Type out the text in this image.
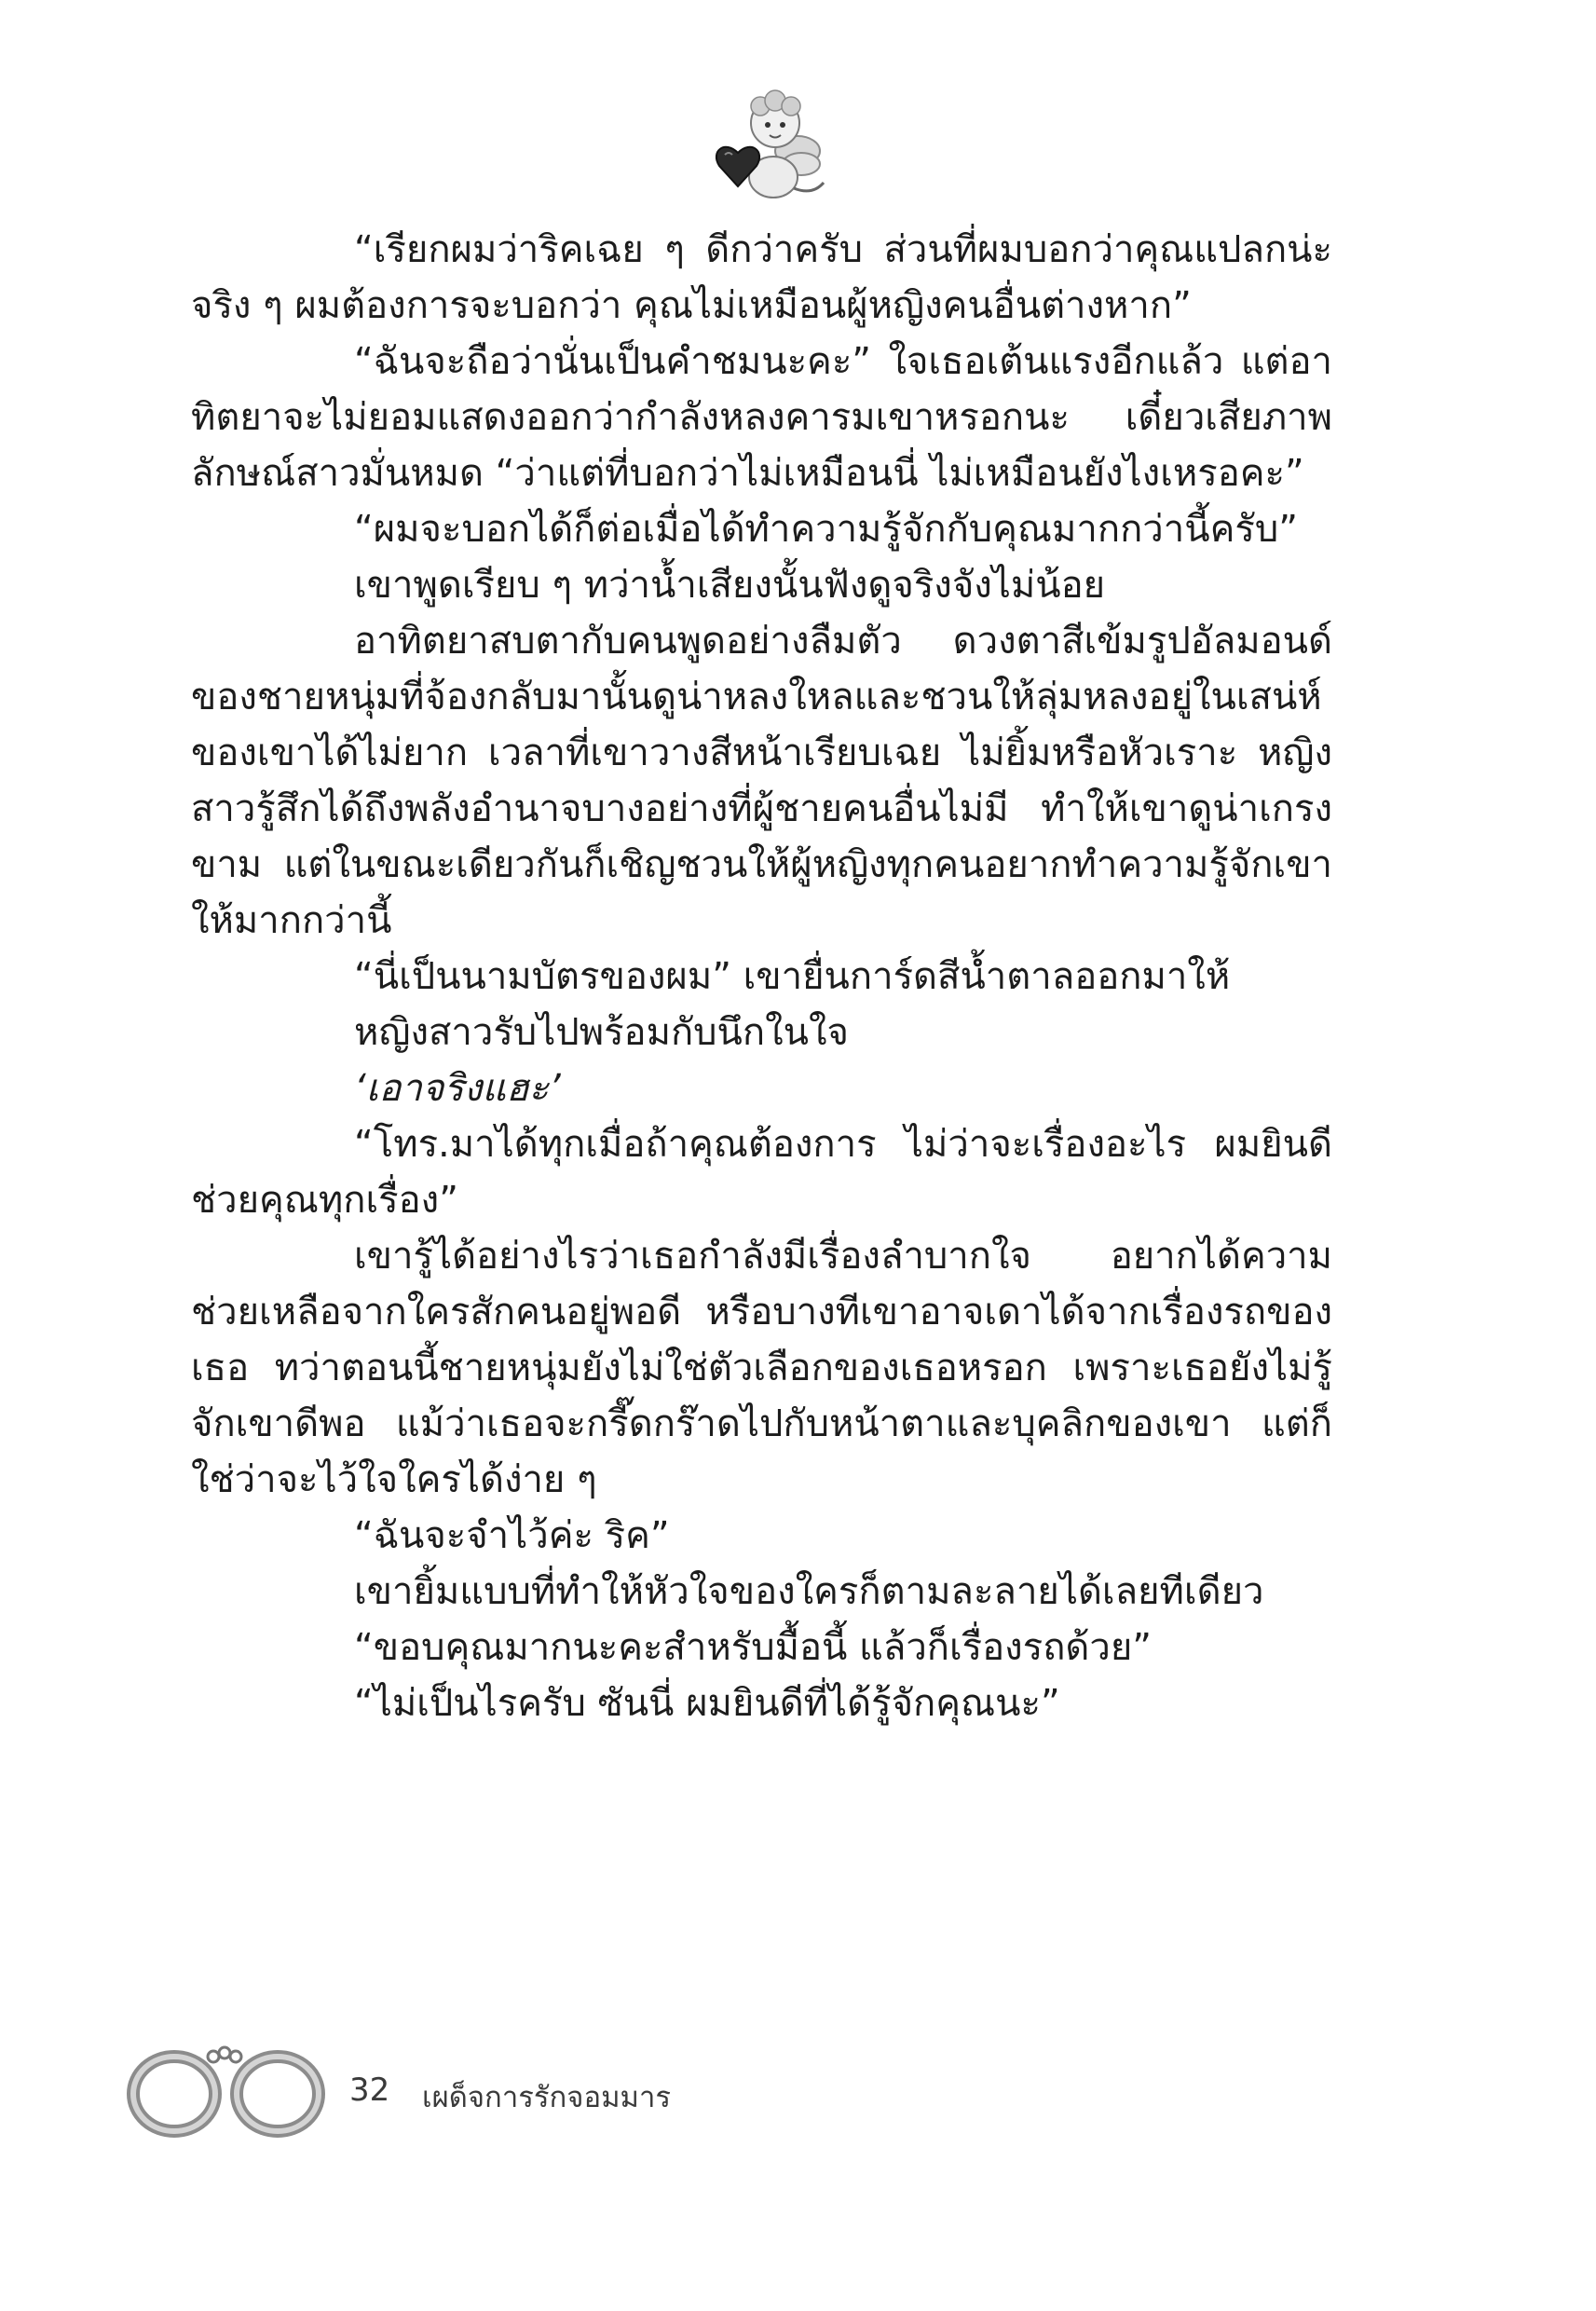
“เรียกผมว่าริคเฉย ๆ ดีกว่าครับ ส่วนที่ผมบอกว่าคุณแปลกน่ะ จริง ๆ ผมต้องการจะบอกว่า คุณไม่เหมือนผู้หญิงคนอื่นต่างหาก”

“ฉันจะถือว่านั่นเป็นคำชมนะคะ” ใจเธอเต้นแรงอีกแล้ว แต่อาทิตยาจะไม่ยอมแสดงออกว่ากำลังหลงคารมเขาหรอกนะ เดี๋ยวเสียภาพลักษณ์สาวมั่นหมด “ว่าแต่ที่บอกว่าไม่เหมือนนี่ ไม่เหมือนยังไงเหรอคะ”

“ผมจะบอกได้ก็ต่อเมื่อได้ทำความรู้จักกับคุณมากกว่านี้ครับ”

เขาพูดเรียบ ๆ ทว่าน้ำเสียงนั้นฟังดูจริงจังไม่น้อย

อาทิตยาสบตากับคนพูดอย่างลืมตัว ดวงตาสีเข้มรูปอัลมอนด์ของชายหนุ่มที่จ้องกลับมานั้นดูน่าหลงใหลและชวนให้ลุ่มหลงอยู่ในเสน่ห์ของเขาได้ไม่ยาก เวลาที่เขาวางสีหน้าเรียบเฉย ไม่ยิ้มหรือหัวเราะ หญิงสาวรู้สึกได้ถึงพลังอำนาจบางอย่างที่ผู้ชายคนอื่นไม่มี ทำให้เขาดูน่าเกรงขาม แต่ในขณะเดียวกันก็เชิญชวนให้ผู้หญิงทุกคนอยากทำความรู้จักเขาให้มากกว่านี้

“นี่เป็นนามบัตรของผม” เขายื่นการ์ดสีน้ำตาลออกมาให้

หญิงสาวรับไปพร้อมกับนึกในใจ

‘เอาจริงแฮะ’

“โทร.มาได้ทุกเมื่อถ้าคุณต้องการ ไม่ว่าจะเรื่องอะไร ผมยินดีช่วยคุณทุกเรื่อง”

เขารู้ได้อย่างไรว่าเธอกำลังมีเรื่องลำบากใจ อยากได้ความช่วยเหลือจากใครสักคนอยู่พอดี หรือบางทีเขาอาจเดาได้จากเรื่องรถของเธอ ทว่าตอนนี้ชายหนุ่มยังไม่ใช่ตัวเลือกของเธอหรอก เพราะเธอยังไม่รู้จักเขาดีพอ แม้ว่าเธอจะกรี๊ดกร๊าดไปกับหน้าตาและบุคลิกของเขา แต่ก็ใช่ว่าจะไว้ใจใครได้ง่าย ๆ

“ฉันจะจำไว้ค่ะ ริค”

เขายิ้มแบบที่ทำให้หัวใจของใครก็ตามละลายได้เลยทีเดียว

“ขอบคุณมากนะคะสำหรับมื้อนี้ แล้วก็เรื่องรถด้วย”

“ไม่เป็นไรครับ ซันนี่ ผมยินดีที่ได้รู้จักคุณนะ”

32 เผด็จการรักจอมมาร
